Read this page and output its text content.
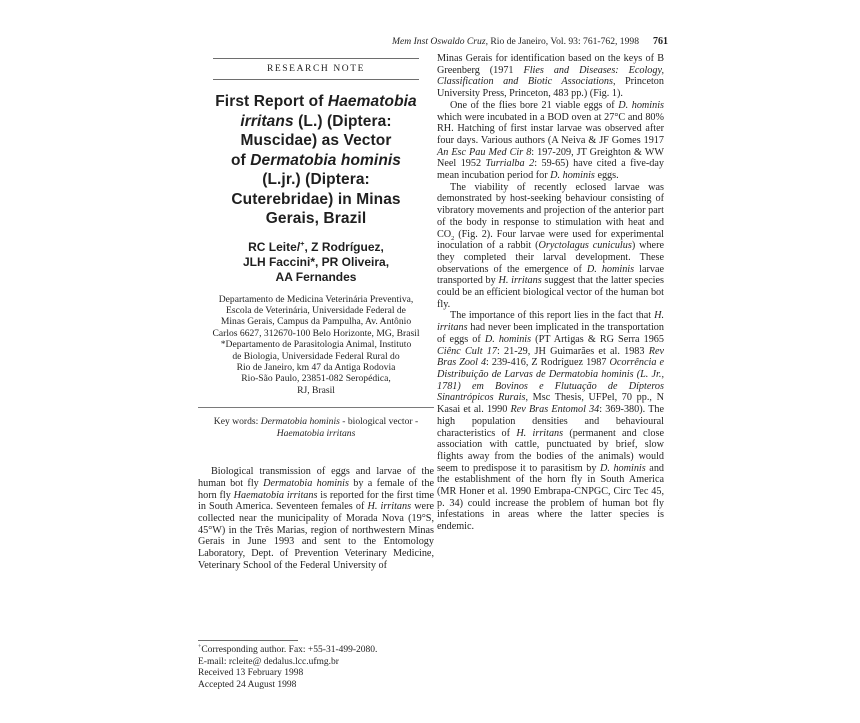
Mem Inst Oswaldo Cruz, Rio de Janeiro, Vol. 93: 761-762, 1998 761
RESEARCH NOTE
First Report of Haematobia
irritans (L.) (Diptera:
Muscidae) as Vector
of Dermatobia hominis
(L.jr.) (Diptera:
Cuterebridae) in Minas
Gerais, Brazil
RC Leite/+, Z Rodríguez,
JLH Faccini*, PR Oliveira,
AA Fernandes
Departamento de Medicina Veterinária Preventiva,
Escola de Veterinária, Universidade Federal de
Minas Gerais, Campus da Pampulha, Av. Antônio
Carlos 6627, 312670-100 Belo Horizonte, MG, Brasil
*Departamento de Parasitologia Animal, Instituto
de Biologia, Universidade Federal Rural do
Rio de Janeiro, km 47 da Antiga Rodovia
Rio-São Paulo, 23851-082 Seropédica,
RJ, Brasil
Key words: Dermatobia hominis - biological vector -
Haematobia irritans

Biological transmission of eggs and larvae of the human bot fly Dermatobia hominis by a female of the horn fly Haematobia irritans is reported for the first time in South America. Seventeen females of H. irritans were collected near the municipality of Morada Nova (19°S, 45°W) in the Três Marias, region of northwestern Minas Gerais in June 1993 and sent to the Entomology Laboratory, Dept. of Prevention Veterinary Medicine, Veterinary School of the Federal University of

Minas Gerais for identification based on the keys of B Greenberg (1971 Flies and Diseases: Ecology, Classification and Biotic Associations, Princeton University Press, Princeton, 483 pp.) (Fig. 1).

One of the flies bore 21 viable eggs of D. hominis which were incubated in a BOD oven at 27°C and 80% RH. Hatching of first instar larvae was observed after four days. Various authors (A Neiva & JF Gomes 1917 An Esc Pau Med Cir 8: 197-209, JT Greighton & WW Neel 1952 Turrialba 2: 59-65) have cited a five-day mean incubation period for D. hominis eggs.

The viability of recently eclosed larvae was demonstrated by host-seeking behaviour consisting of vibratory movements and projection of the anterior part of the body in response to stimulation with heat and $CO_2$ (Fig. 2). Four larvae were used for experimental inoculation of a rabbit (Oryctolagus cuniculus) where they completed their larval development. These observations of the emergence of D. hominis larvae transported by H. irritans suggest that the latter species could be an efficient biological vector of the human bot fly.

The importance of this report lies in the fact that H. irritans had never been implicated in the transportation of eggs of D. hominis (PT Artigas & RG Serra 1965 Ciênc Cult 17: 21-29, JH Guimarães et al. 1983 Rev Bras Zool 4: 239-416, Z Rodríguez 1987 Ocorrência e Distribuição de Larvas de Dermatobia hominis (L. Jr., 1781) em Bovinos e Flutuação de Dípteros Sinantrópicos Rurais, Msc Thesis, UFPel, 70 pp., N Kasai et al. 1990 Rev Bras Entomol 34: 369-380). The high population densities and behavioural characteristics of H. irritans (permanent and close association with cattle, punctuated by brief, slow flights away from the bodies of the animals) would seem to predispose it to parasitism by D. hominis and the establishment of the horn fly in South America (MR Honer et al. 1990 Embrapa-CNPGC, Circ Tec 45, p. 34) could increase the problem of human bot fly infestations in areas where the latter species is endemic.

+Corresponding author. Fax: +55-31-499-2080.
E-mail: rcleite@ dedalus.lcc.ufmg.br
Received 13 February 1998
Accepted 24 August 1998
